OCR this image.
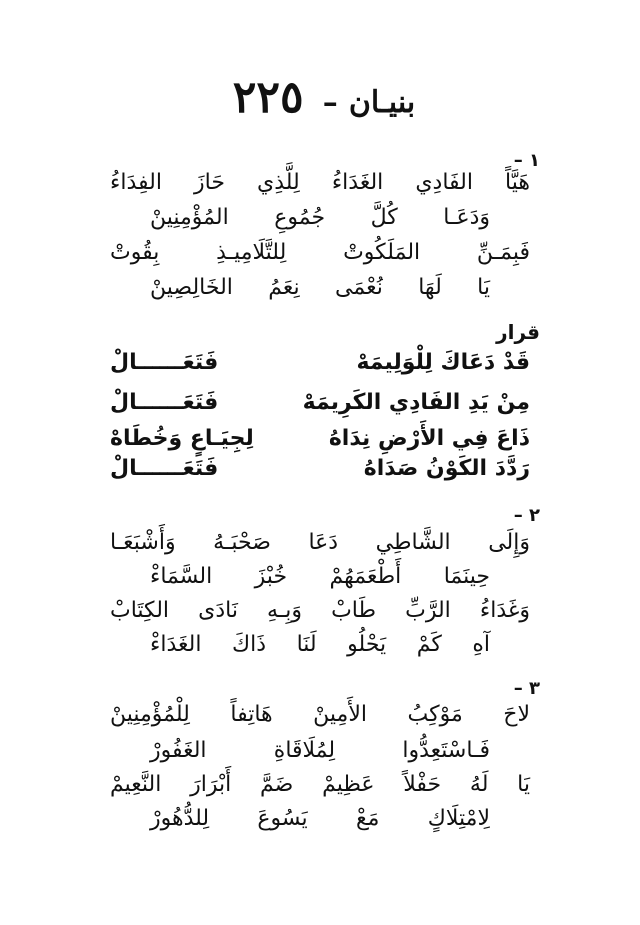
بنيـان – ٢٢٥
١ –
هَيَّاً الفَادِي الغَدَاءُ لِلَّذِي حَازَ الفِدَاءُ
وَدَعَـا كُلَّ جُمُوعِ المُؤْمِنِينْ
فَبِمَـنِّ المَلَكُوتْ لِلتَّلَامِيـذِ بِقُوتْ
يَا لَهَا نُعْمَى نِعَمُ الخَالِصِينْ
قرار
قَدْ دَعَاكَ لِلْوَلِيمَهْ
فَتَعَــــــالْ
مِنْ يَدِ الفَادِي الكَرِيمَهْ
فَتَعَــــــالْ
ذَاعَ فِي الأَرْضِ نِدَاهُ
لِجِيَـاعٍ وَخُطَاهْ
رَدَّدَ الكَوْنُ صَدَاهُ
فَتَعَــــــالْ
٢ –
وَإِلَى الشَّاطِي دَعَا صَحْبَـهُ وَأَشْبَعَـا
حِينَمَا أَطْعَمَهُمْ خُبْزَ السَّمَاءْ
وَغَدَاءُ الرَّبِّ طَابْ وَبِـهِ نَادَى الكِتَابْ
آهِ كَمْ يَحْلُو لَنَا ذَاكَ الغَدَاءْ
٣ –
لاحَ مَوْكِبُ الأَمِينْ هَاتِفاً لِلْمُؤْمِنِينْ
فَـاسْتَعِدُّوا لِمُلَاقَاةِ الغَفُورْ
يَا لَهُ حَفْلاً عَظِيمْ ضَمَّ أَبْرَارَ النَّعِيمْ
لِامْتِلَاكٍ مَعْ يَسُوعَ لِلدُّهُورْ
